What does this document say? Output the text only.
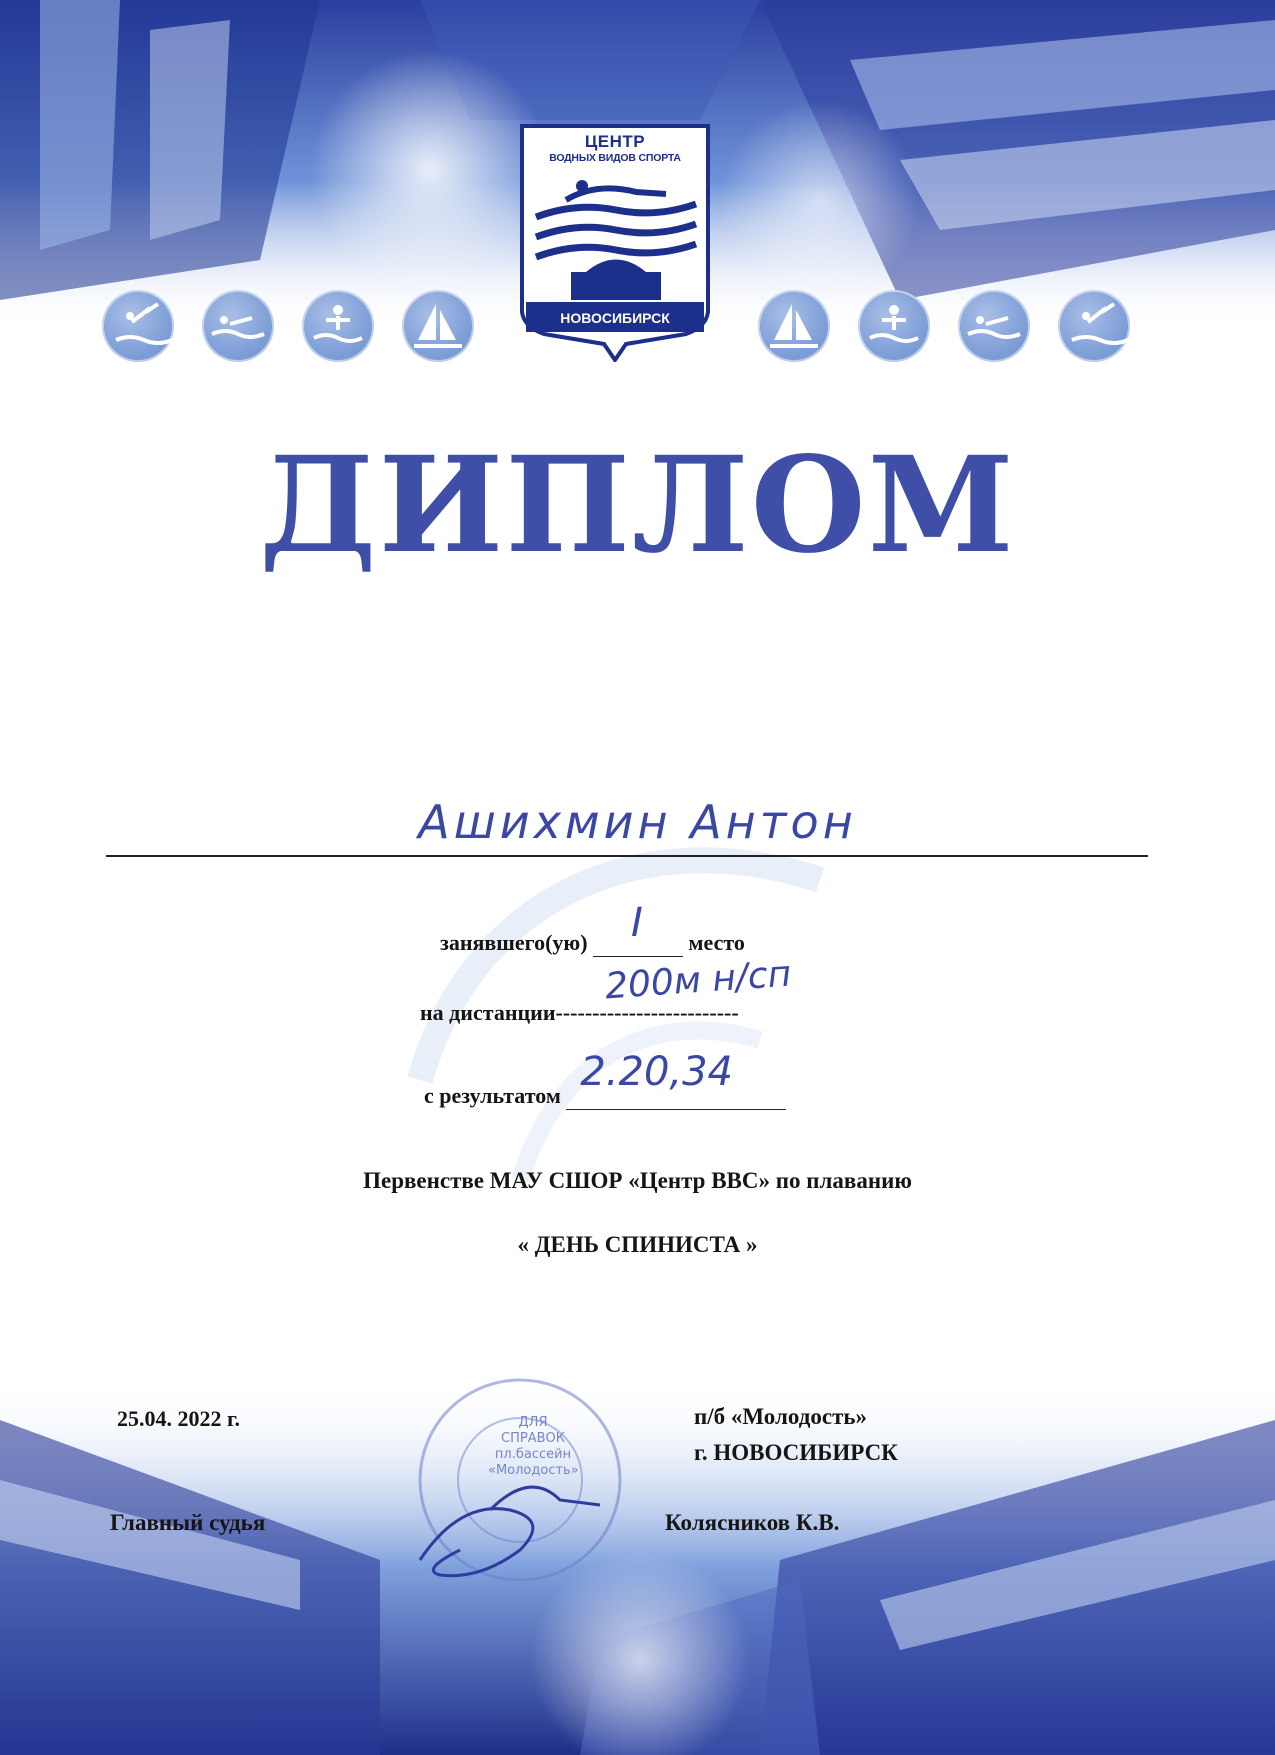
ЦЕНТР
ВОДНЫХ ВИДОВ СПОРТА
НОВОСИБИРСК
ДИПЛОМ
Ашихмин Антон
занявшего(ую) I место
на дистанции-------------------------
200м н/сп
с результатом
2.20,34
Первенстве МАУ СШОР «Центр ВВС» по плаванию
« ДЕНЬ СПИНИСТА »
ДЛЯ
СПРАВОК
пл.бассейн
«Молодость»
25.04. 2022 г.	п/б «Молодость»
г. НОВОСИБИРСК
Главный судья	Колясников К.В.
